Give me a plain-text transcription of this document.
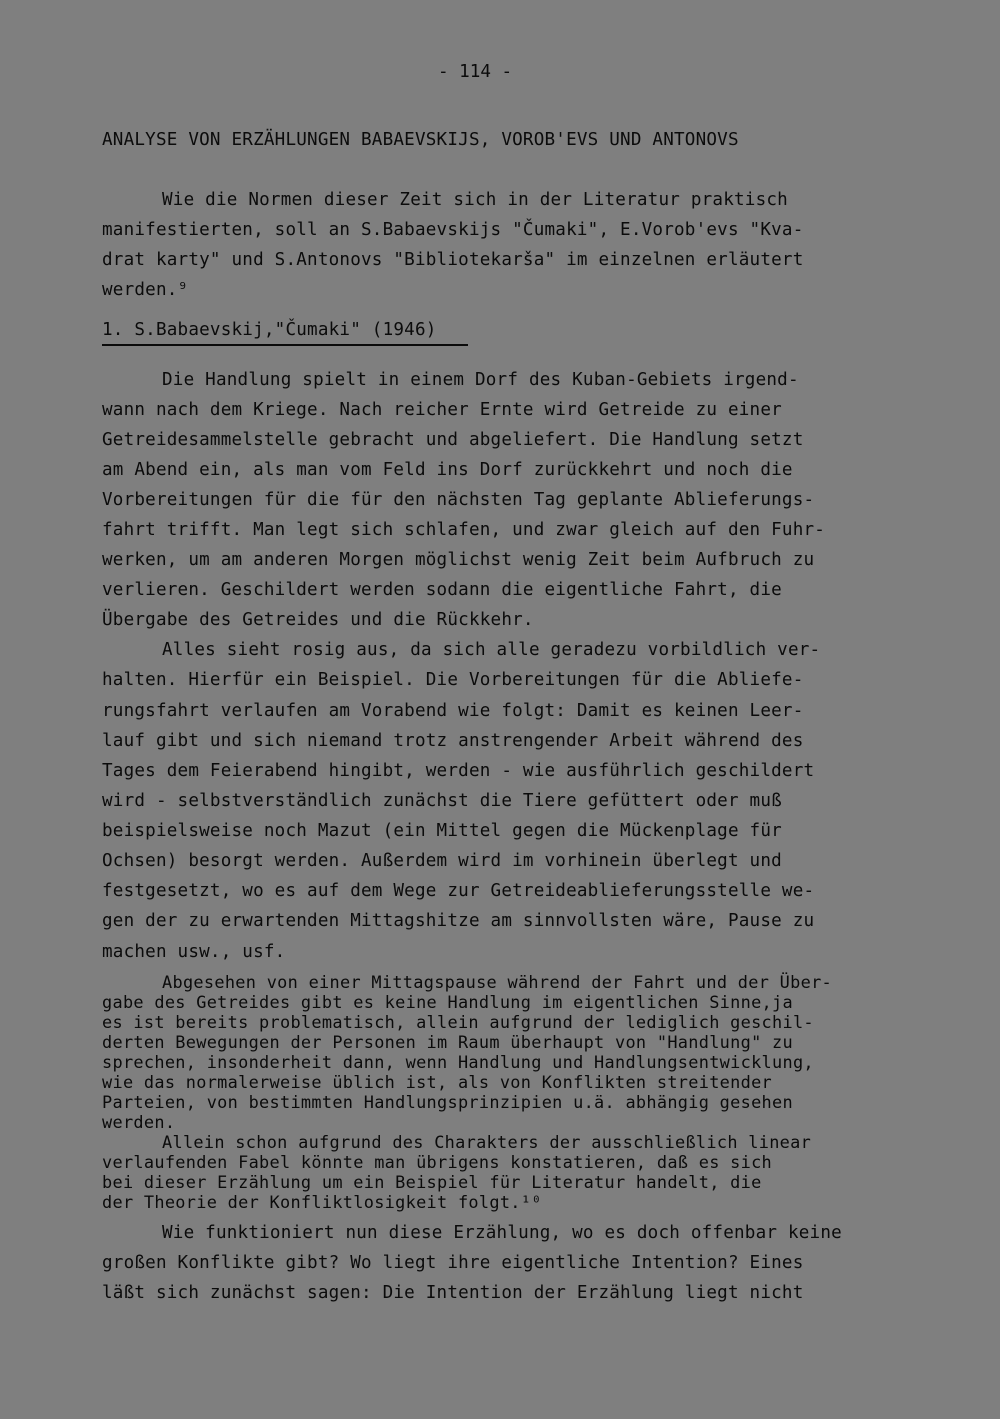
- 114 -
ANALYSE VON ERZÄHLUNGEN BABAEVSKIJS, VOROB'EVS UND ANTONOVS
Wie die Normen dieser Zeit sich in der Literatur praktisch
manifestierten, soll an S.Babaevskijs "Čumaki", E.Vorob'evs "Kva-
drat karty" und S.Antonovs "Bibliotekarša" im einzelnen erläutert
werden.⁹
1. S.Babaevskij,"Čumaki" (1946)
Die Handlung spielt in einem Dorf des Kuban-Gebiets irgend-
wann nach dem Kriege. Nach reicher Ernte wird Getreide zu einer
Getreidesammelstelle gebracht und abgeliefert. Die Handlung setzt
am Abend ein, als man vom Feld ins Dorf zurückkehrt und noch die
Vorbereitungen für die für den nächsten Tag geplante Ablieferungs-
fahrt trifft. Man legt sich schlafen, und zwar gleich auf den Fuhr-
werken, um am anderen Morgen möglichst wenig Zeit beim Aufbruch zu
verlieren. Geschildert werden sodann die eigentliche Fahrt, die
Übergabe des Getreides und die Rückkehr.
Alles sieht rosig aus, da sich alle geradezu vorbildlich ver-
halten. Hierfür ein Beispiel. Die Vorbereitungen für die Abliefe-
rungsfahrt verlaufen am Vorabend wie folgt: Damit es keinen Leer-
lauf gibt und sich niemand trotz anstrengender Arbeit während des
Tages dem Feierabend hingibt, werden - wie ausführlich geschildert
wird - selbstverständlich zunächst die Tiere gefüttert oder muß
beispielsweise noch Mazut (ein Mittel gegen die Mückenplage für
Ochsen) besorgt werden. Außerdem wird im vorhinein überlegt und
festgesetzt, wo es auf dem Wege zur Getreideablieferungsstelle we-
gen der zu erwartenden Mittagshitze am sinnvollsten wäre, Pause zu
machen usw., usf.
Abgesehen von einer Mittagspause während der Fahrt und der Über-
gabe des Getreides gibt es keine Handlung im eigentlichen Sinne,ja
es ist bereits problematisch, allein aufgrund der lediglich geschil-
derten Bewegungen der Personen im Raum überhaupt von "Handlung" zu
sprechen, insonderheit dann, wenn Handlung und Handlungsentwicklung,
wie das normalerweise üblich ist, als von Konflikten streitender
Parteien, von bestimmten Handlungsprinzipien u.ä. abhängig gesehen
werden.
Allein schon aufgrund des Charakters der ausschließlich linear
verlaufenden Fabel könnte man übrigens konstatieren, daß es sich
bei dieser Erzählung um ein Beispiel für Literatur handelt, die
der Theorie der Konfliktlosigkeit folgt.¹⁰
Wie funktioniert nun diese Erzählung, wo es doch offenbar keine
großen Konflikte gibt? Wo liegt ihre eigentliche Intention? Eines
läßt sich zunächst sagen: Die Intention der Erzählung liegt nicht
